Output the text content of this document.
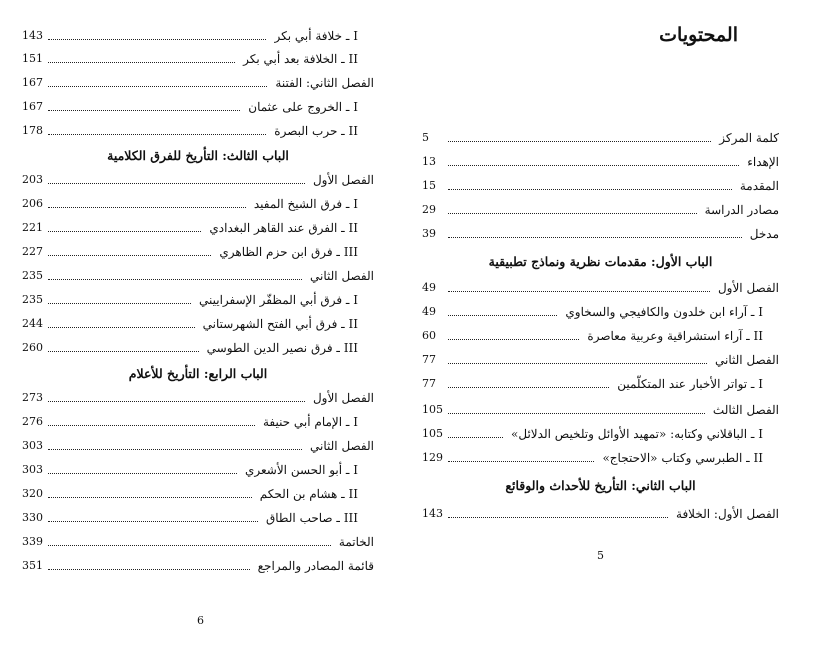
I ـ خلافة أبي بكر
143
II ـ الخلافة بعد أبي بكر
151
الفصل الثاني: الفتنة
167
I ـ الخروج على عثمان
167
II ـ حرب البصرة
178
الباب الثالث: التأريخ للفرق الكلامية
الفصل الأول
203
I ـ فرق الشيخ المفيد
206
II ـ الفرق عند القاهر البغدادي
221
III ـ فرق ابن حزم الظاهري
227
الفصل الثاني
235
I ـ فرق أبي المظفّر الإسفراييني
235
II ـ فرق أبي الفتح الشهرستاني
244
III ـ فرق نصير الدين الطوسي
260
الباب الرابع: التأريخ للأعلام
الفصل الأول
273
I ـ الإمام أبي حنيفة
276
الفصل الثاني
303
I ـ أبو الحسن الأشعري
303
II ـ هشام بن الحكم
320
III ـ صاحب الطاق
330
الخاتمة
339
قائمة المصادر والمراجع
351
6
المحتويات
كلمة المركز
5
الإهداء
13
المقدمة
15
مصادر الدراسة
29
مدخل
39
الباب الأول: مقدمات نظرية ونماذج تطبيقية
الفصل الأول
49
I ـ آراء ابن خلدون والكافيجي والسخاوي
49
II ـ آراء استشراقية وعربية معاصرة
60
الفصل الثاني
77
I ـ تواتر الأخبار عند المتكلّمين
77
الفصل الثالث
105
I ـ الباقلاني وكتابه: «تمهيد الأوائل وتلخيص الدلائل»
105
II ـ الطبرسي وكتاب «الاحتجاج»
129
الباب الثاني: التأريخ للأحداث والوقائع
الفصل الأول: الخلافة
143
5
